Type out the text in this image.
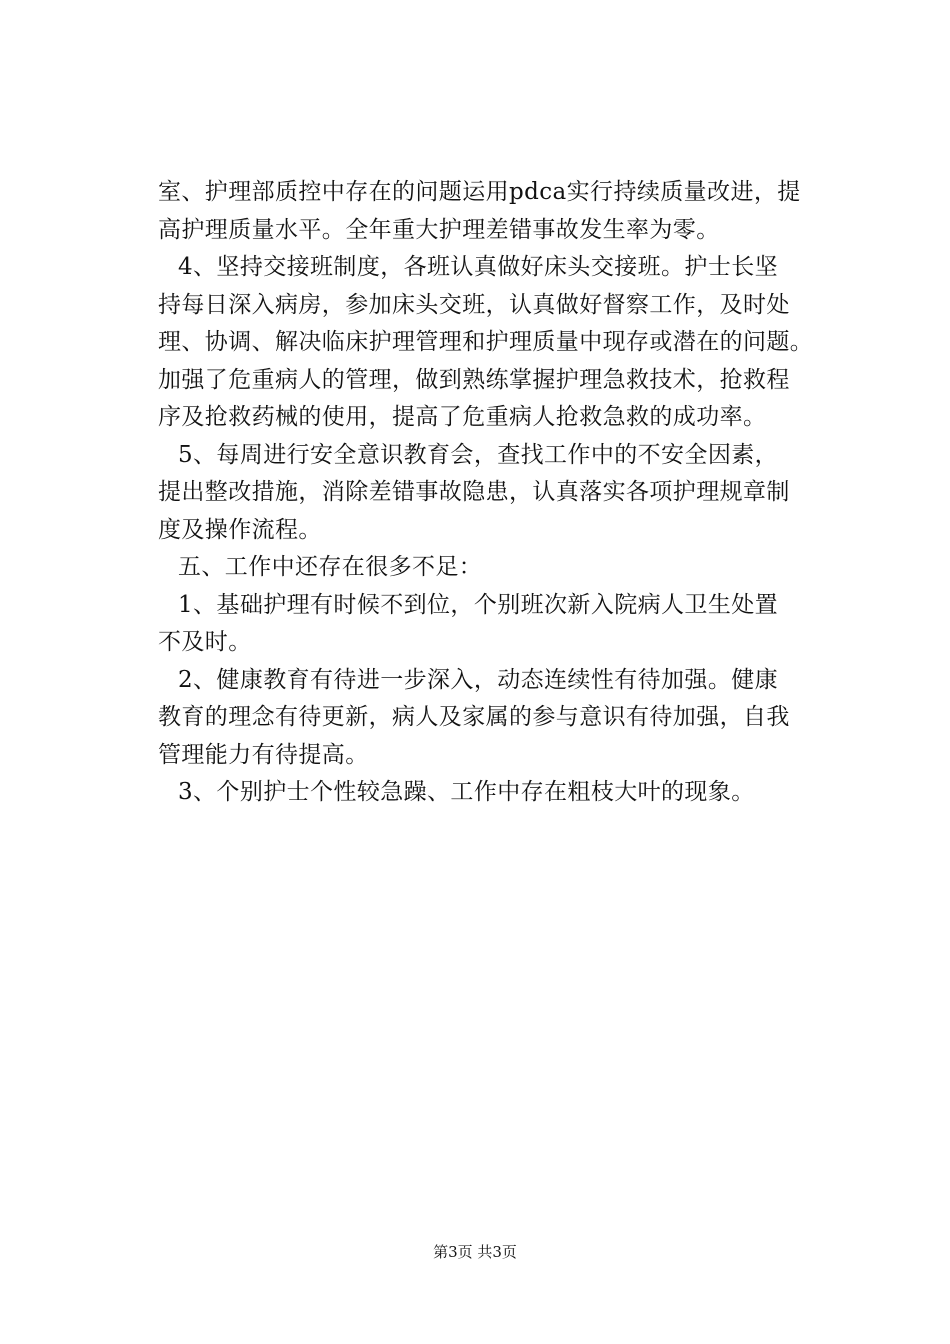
室、护理部质控中存在的问题运用pdca实行持续质量改进，提
高护理质量水平。全年重大护理差错事故发生率为零。
4、坚持交接班制度，各班认真做好床头交接班。护士长坚
持每日深入病房，参加床头交班，认真做好督察工作，及时处
理、协调、解决临床护理管理和护理质量中现存或潜在的问题。
加强了危重病人的管理，做到熟练掌握护理急救技术，抢救程
序及抢救药械的使用，提高了危重病人抢救急救的成功率。
5、每周进行安全意识教育会，查找工作中的不安全因素，
提出整改措施，消除差错事故隐患，认真落实各项护理规章制
度及操作流程。
五、工作中还存在很多不足：
1、基础护理有时候不到位，个别班次新入院病人卫生处置
不及时。
2、健康教育有待进一步深入，动态连续性有待加强。健康
教育的理念有待更新，病人及家属的参与意识有待加强，自我
管理能力有待提高。
3、个别护士个性较急躁、工作中存在粗枝大叶的现象。
第3页 共3页
